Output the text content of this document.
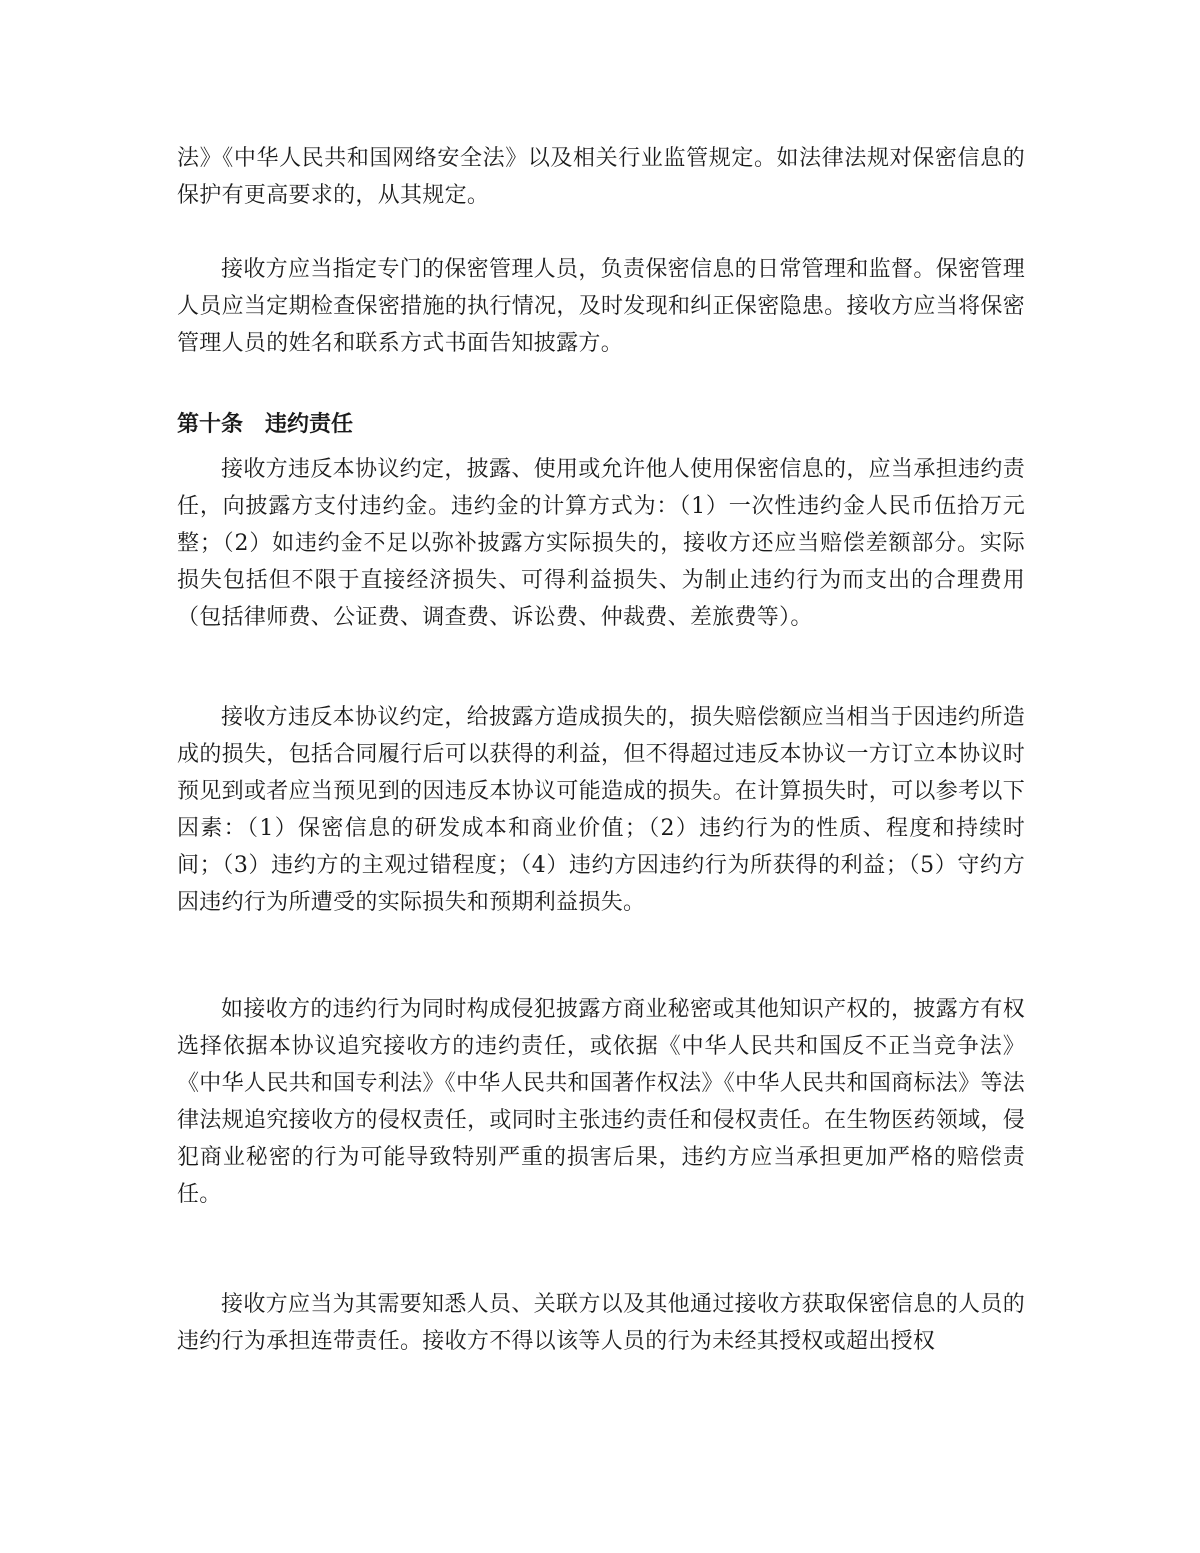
法》《中华人民共和国网络安全法》以及相关行业监管规定。如法律法规对保密信息的保护有更高要求的，从其规定。

接收方应当指定专门的保密管理人员，负责保密信息的日常管理和监督。保密管理人员应当定期检查保密措施的执行情况，及时发现和纠正保密隐患。接收方应当将保密管理人员的姓名和联系方式书面告知披露方。

第十条　违约责任

接收方违反本协议约定，披露、使用或允许他人使用保密信息的，应当承担违约责任，向披露方支付违约金。违约金的计算方式为：（1）一次性违约金人民币伍拾万元整；（2）如违约金不足以弥补披露方实际损失的，接收方还应当赔偿差额部分。实际损失包括但不限于直接经济损失、可得利益损失、为制止违约行为而支出的合理费用（包括律师费、公证费、调查费、诉讼费、仲裁费、差旅费等）。

接收方违反本协议约定，给披露方造成损失的，损失赔偿额应当相当于因违约所造成的损失，包括合同履行后可以获得的利益，但不得超过违反本协议一方订立本协议时预见到或者应当预见到的因违反本协议可能造成的损失。在计算损失时，可以参考以下因素：（1）保密信息的研发成本和商业价值；（2）违约行为的性质、程度和持续时间；（3）违约方的主观过错程度；（4）违约方因违约行为所获得的利益；（5）守约方因违约行为所遭受的实际损失和预期利益损失。

如接收方的违约行为同时构成侵犯披露方商业秘密或其他知识产权的，披露方有权选择依据本协议追究接收方的违约责任，或依据《中华人民共和国反不正当竞争法》《中华人民共和国专利法》《中华人民共和国著作权法》《中华人民共和国商标法》等法律法规追究接收方的侵权责任，或同时主张违约责任和侵权责任。在生物医药领域，侵犯商业秘密的行为可能导致特别严重的损害后果，违约方应当承担更加严格的赔偿责任。

接收方应当为其需要知悉人员、关联方以及其他通过接收方获取保密信息的人员的违约行为承担连带责任。接收方不得以该等人员的行为未经其授权或超出授权
